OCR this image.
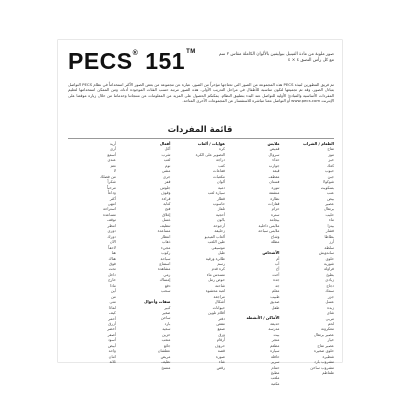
PECS® 151™	صور ملونة من مادة الفينيل ببوليفين بالألوان الكاملة مقاس ٢ سم مع كل رأس التصق ٤ × ٤
تم فريق المطورين لنبذة PECS هذه المجموعة من الصور التي تحتاجها مؤخراً من الصور، عبارة عن مجموعة من بعض الصور الأكثر استخداماً في نظام PECS التواصل بتبادل الصور، وقد تم تجميعها لتكون مناسبة للأطفال في مراحل التدريب الأولى. هذه الصور مرتبة حسب الفئات الموجودة أدناه، ومن الممكن استخدامها لتعليم المفردات الأساسية والمبادئ الأولية للتواصل عند البدء بتطبيق النظام. يمكنكم الحصول على المزيد من المعلومات عن منتجاتنا وخدماتنا من خلال زيارة موقعنا على الإنترنت www.pecs.com أو التواصل معنا مباشرة للاستفسار عن المجموعات الأخرى المتاحة.
قائمة المفردات
الطعام / الشراب
تفاح
موز
خبز
كعك
حبوب
جبن
شوكولا
بسكويت
عنب
بيض
عصير
برتقال
حليب
ماء
بيتزا
فشار
بطاطا
أرز
سلطة
ساندويش
حلوى
شوربة
فراولة
بطيخ
زبادي
دجاج
سمك
جزر
عسل
زبدة
شاي
مربى
لحم
معكرونة
عصير برتقال
خيار
عصير تفاح
حلوى صغيرة
شطيرة
مشروب بارد
مشروب ساخن
طماطم
ملابس
قميص
سروال
حذاء
جوارب
قبعة
معطف
فستان
تنورة
منشفة
نظارة
قفازات
حزام
سترة
بيجامة
ملابس داخلية
ملابس سباحة
وشاح
مظلة
الأشخاص
أم
أب
أخ
أخت
جدة
جد
معلم
طبيب
صديق
طفل
الأماكن / الأنشطة
حديقة
مدرسة
بيت
متجر
مطعم
سيارة
حافلة
سرير
حمام
مطبخ
ملعب
مكتبة
هوايات / ألعاب
كرة
التصوير على الكرة
دراجة
كتب
فقاعات
مكعبات
ألوان
دمية
سيارة لعب
قطار
حاسوب
تلفاز
أحجية
بالون
أرجوحة
زحليقة
ألعاب الفيديو
طين اللعب
موسيقى
طبل
طائرة ورقية
رسم
كرة قدم
مسدس ماء
حوض رمل
شاحنة
لعبة محشوة
مراجعة
أشكال
حيوانات
أقلام تلوين
دفتر
مقص
صمغ
ورق
أرقام
حروف
قصة
صورة
غناء
رقص
أفعال
أكل
شرب
لعب
نوم
مشي
جري
قفز
جلوس
وقوف
قراءة
كتابة
فتح
إغلاق
غسل
تنظيف
مساعدة
انتظار
ذهاب
مجيء
ركوب
سباحة
استماع
مشاهدة
رمي
إمساك
دفع
سحب
صفات وأحوال
كبير
صغير
ساخن
بارد
سعيد
حزين
متعب
جائع
عطشان
مريض
نظيف
متسخ
أريد
أرى
أسمع
عندي
نعم
لا
من فضلك
شكراً
مرحباً
وداعاً
أكثر
انتهى
استراحة
مساعدة
توقف
انتظر
دوري
دورك
الآن
لاحقاً
هنا
هناك
فوق
تحت
داخل
خارج
ماذا
أين
من
متى
لماذا
كيف
أحمر
أزرق
أخضر
أصفر
أسود
أبيض
واحد
اثنان
ثلاثة
